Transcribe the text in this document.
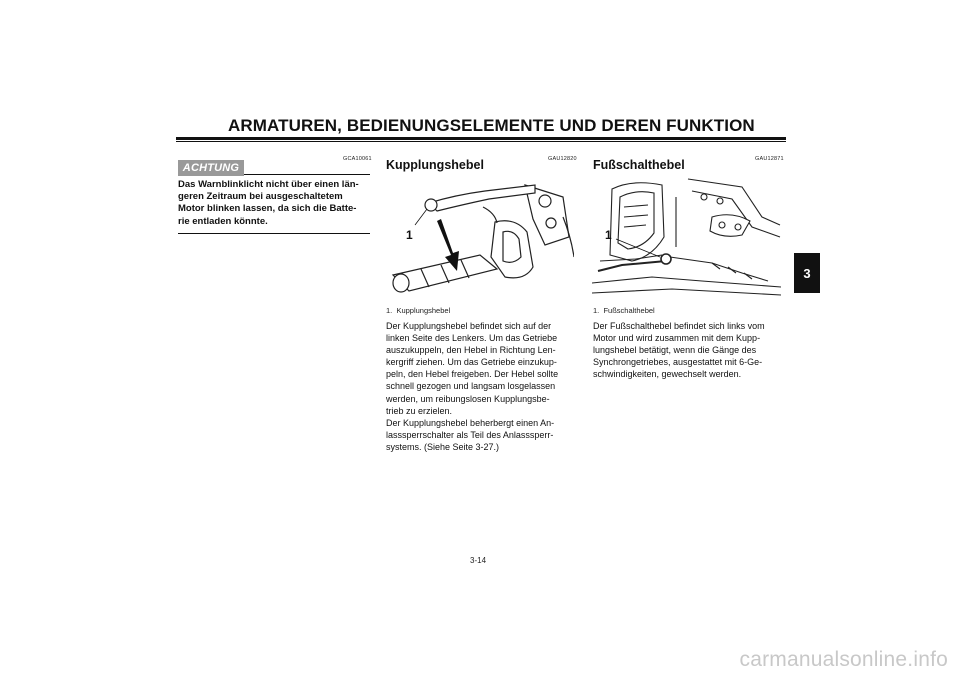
ARMATUREN, BEDIENUNGSELEMENTE UND DEREN FUNKTION
3
GCA10061
ACHTUNG
Das Warnblinklicht nicht über einen län-
geren Zeitraum bei ausgeschaltetem
Motor blinken lassen, da sich die Batte-
rie entladen könnte.
GAU12820
Kupplungshebel
1
1. Kupplungshebel
Der Kupplungshebel befindet sich auf der
linken Seite des Lenkers. Um das Getriebe
auszukuppeln, den Hebel in Richtung Len-
kergriff ziehen. Um das Getriebe einzukup-
peln, den Hebel freigeben. Der Hebel sollte
schnell gezogen und langsam losgelassen
werden, um reibungslosen Kupplungsbe-
trieb zu erzielen.
Der Kupplungshebel beherbergt einen An-
lasssperrschalter als Teil des Anlasssperr-
systems. (Siehe Seite 3-27.)
GAU12871
Fußschalthebel
1
1. Fußschalthebel
Der Fußschalthebel befindet sich links vom
Motor und wird zusammen mit dem Kupp-
lungshebel betätigt, wenn die Gänge des
Synchrongetriebes, ausgestattet mit 6-Ge-
schwindigkeiten, gewechselt werden.
3-14
carmanualsonline.info
